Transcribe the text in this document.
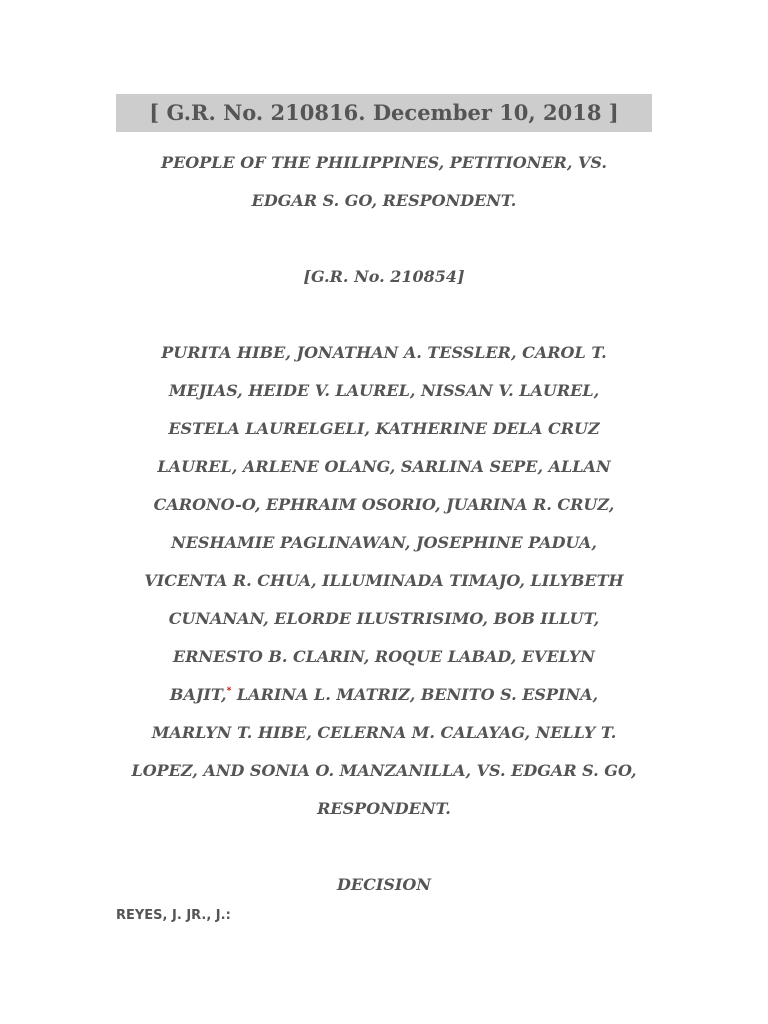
[ G.R. No. 210816. December 10, 2018 ]
PEOPLE OF THE PHILIPPINES, PETITIONER, VS.
EDGAR S. GO, RESPONDENT.
[G.R. No. 210854]
PURITA HIBE, JONATHAN A. TESSLER, CAROL T.
MEJIAS, HEIDE V. LAUREL, NISSAN V. LAUREL,
ESTELA LAURELGELI, KATHERINE DELA CRUZ
LAUREL, ARLENE OLANG, SARLINA SEPE, ALLAN
CARONO-O, EPHRAIM OSORIO, JUARINA R. CRUZ,
NESHAMIE PAGLINAWAN, JOSEPHINE PADUA,
VICENTA R. CHUA, ILLUMINADA TIMAJO, LILYBETH
CUNANAN, ELORDE ILUSTRISIMO, BOB ILLUT,
ERNESTO B. CLARIN, ROQUE LABAD, EVELYN
BAJIT,* LARINA L. MATRIZ, BENITO S. ESPINA,
MARLYN T. HIBE, CELERNA M. CALAYAG, NELLY T.
LOPEZ, AND SONIA O. MANZANILLA, VS. EDGAR S. GO,
RESPONDENT.
DECISION
REYES, J. JR., J.:
